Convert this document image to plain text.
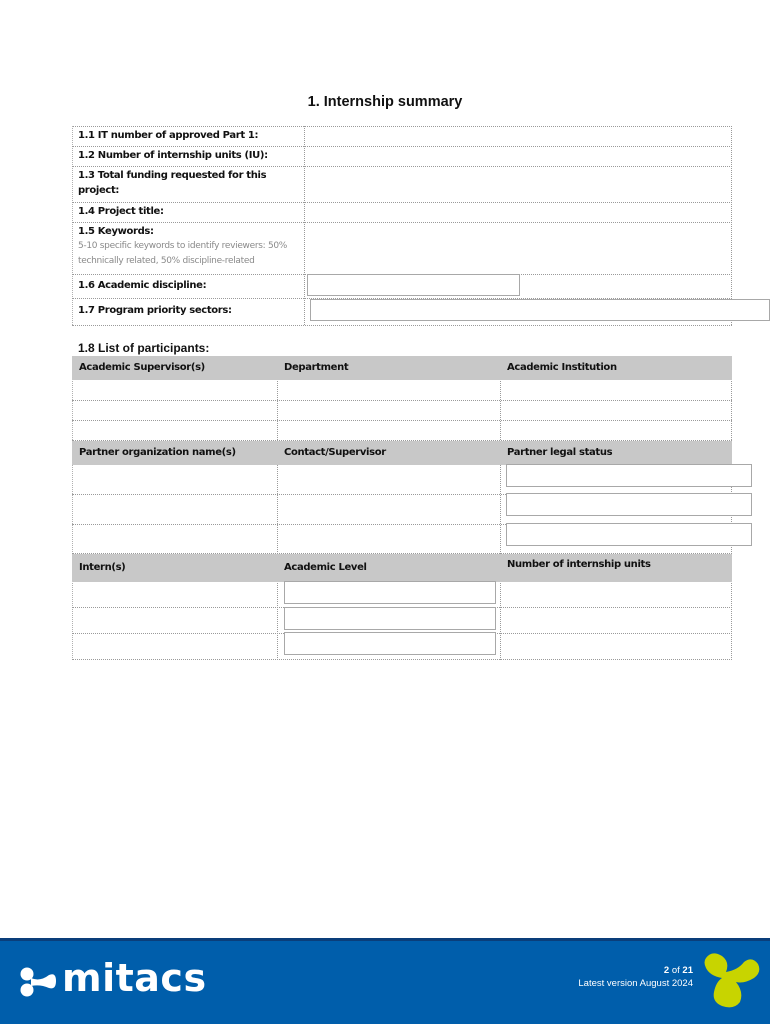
1. Internship summary
1.1 IT number of approved Part 1:
1.2 Number of internship units (IU):
1.3 Total funding requested for this project:
1.4 Project title:
1.5 Keywords:
5-10 specific keywords to identify reviewers: 50% technically related, 50% discipline-related
1.6 Academic discipline:
1.7 Program priority sectors:
1.8 List of participants:
Academic Supervisor(s)	Department	Academic Institution
Partner organization name(s)	Contact/Supervisor	Partner legal status
Intern(s)	Academic Level	Number of internship units
mitacs	2 of 21
Latest version August 2024
